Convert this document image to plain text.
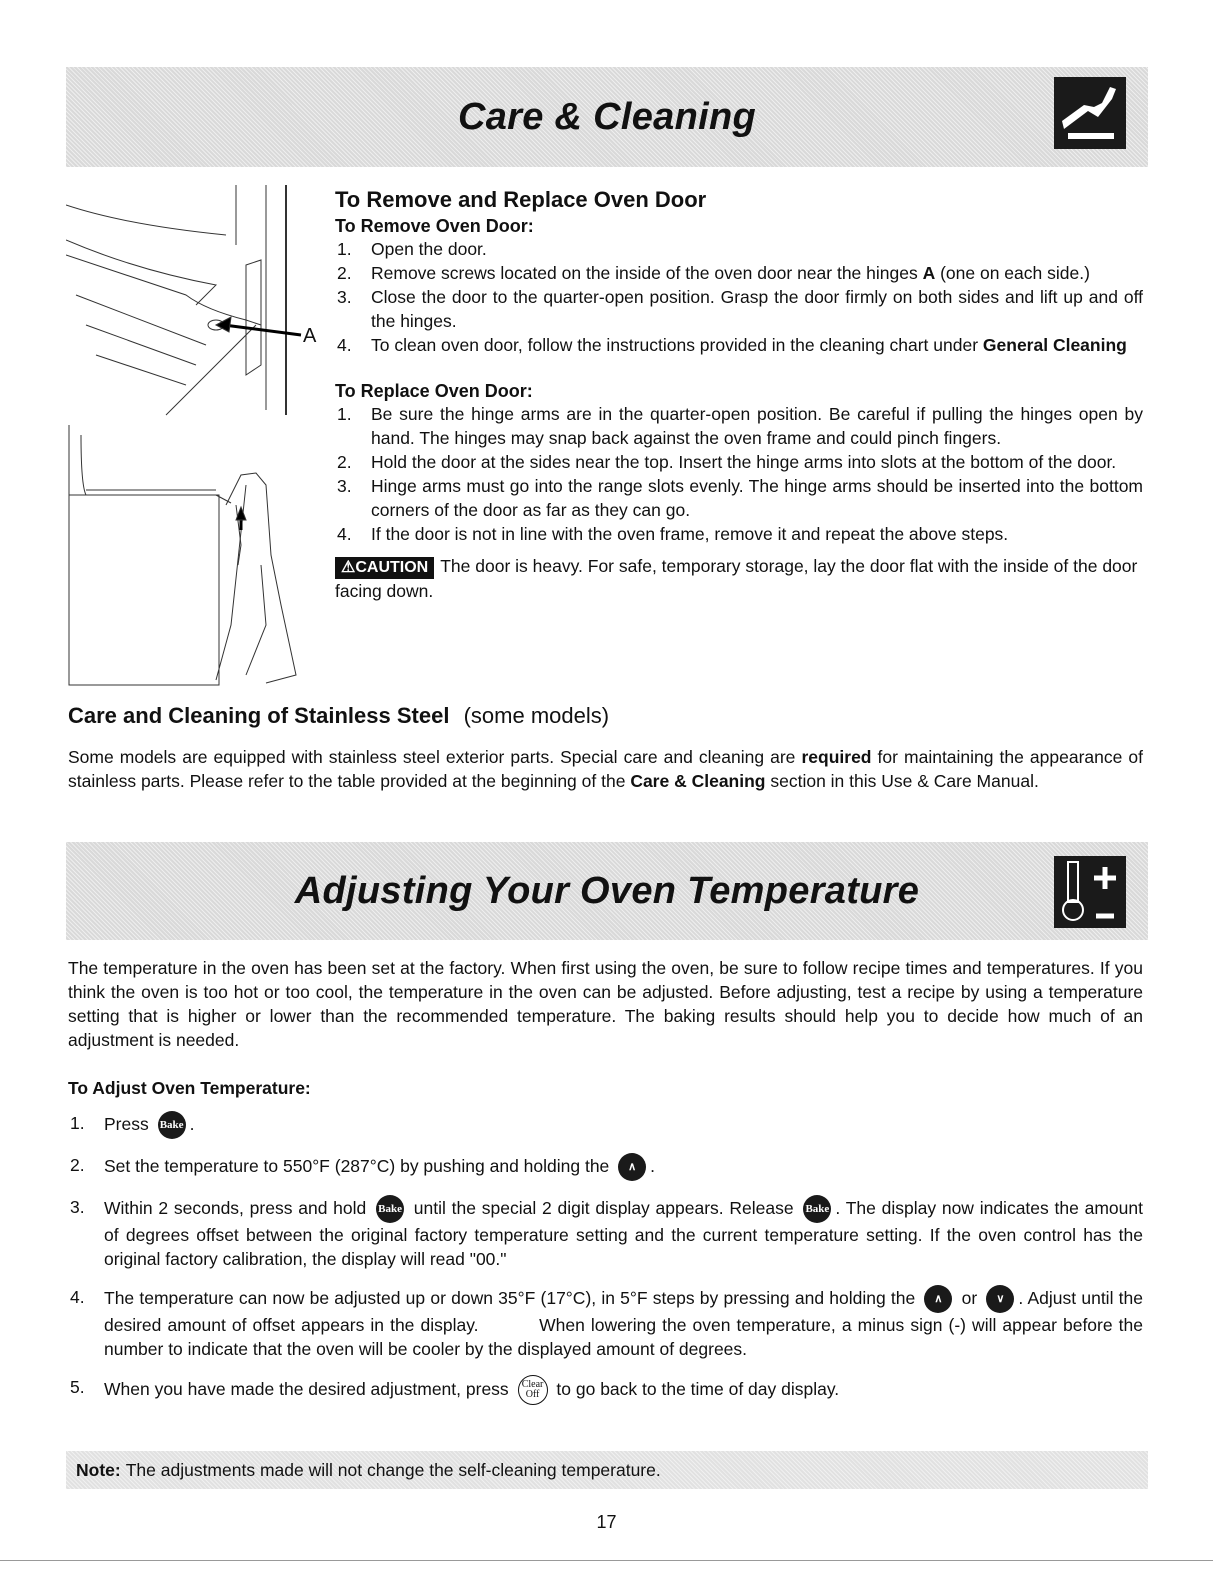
Care & Cleaning
A
To Remove and Replace Oven Door
To Remove Oven Door:
1. Open the door.
2. Remove screws located on the inside of the oven door near the hinges A (one on each side.)
3. Close the door to the quarter-open position. Grasp the door firmly on both sides and lift up and off the hinges.
4. To clean oven door, follow the instructions provided in the cleaning chart under General Cleaning
To Replace Oven Door:
1. Be sure the hinge arms are in the quarter-open position. Be careful if pulling the hinges open by hand. The hinges may snap back against the oven frame and could pinch fingers.
2. Hold the door at the sides near the top. Insert the hinge arms into slots at the bottom of the door.
3. Hinge arms must go into the range slots evenly. The hinge arms should be inserted into the bottom corners of the door as far as they can go.
4. If the door is not in line with the oven frame, remove it and repeat the above steps.
⚠CAUTION The door is heavy. For safe, temporary storage, lay the door flat with the inside of the door facing down.
Care and Cleaning of Stainless Steel (some models)
Some models are equipped with stainless steel exterior parts. Special care and cleaning are required for maintaining the appearance of stainless parts. Please refer to the table provided at the beginning of the Care & Cleaning section in this Use & Care Manual.
Adjusting Your Oven Temperature
The temperature in the oven has been set at the factory. When first using the oven, be sure to follow recipe times and temperatures. If you think the oven is too hot or too cool, the temperature in the oven can be adjusted. Before adjusting, test a recipe by using a temperature setting that is higher or lower than the recommended temperature. The baking results should help you to decide how much of an adjustment is needed.
To Adjust Oven Temperature:
1. Press Bake .
2. Set the temperature to 550°F (287°C) by pushing and holding the ∧ .
3. Within 2 seconds, press and hold Bake until the special 2 digit display appears. Release Bake . The display now indicates the amount of degrees offset between the original factory temperature setting and the current temperature setting. If the oven control has the original factory calibration, the display will read "00."
4. The temperature can now be adjusted up or down 35°F (17°C), in 5°F steps by pressing and holding the ∧ or ∨ . Adjust until the desired amount of offset appears in the display.          When lowering the oven temperature, a minus sign (-) will appear before the number to indicate that the oven will be cooler by the displayed amount of degrees.
5. When you have made the desired adjustment, press Clear
Off to go back to the time of day display.
Note: The adjustments made will not change the self-cleaning temperature.
17
